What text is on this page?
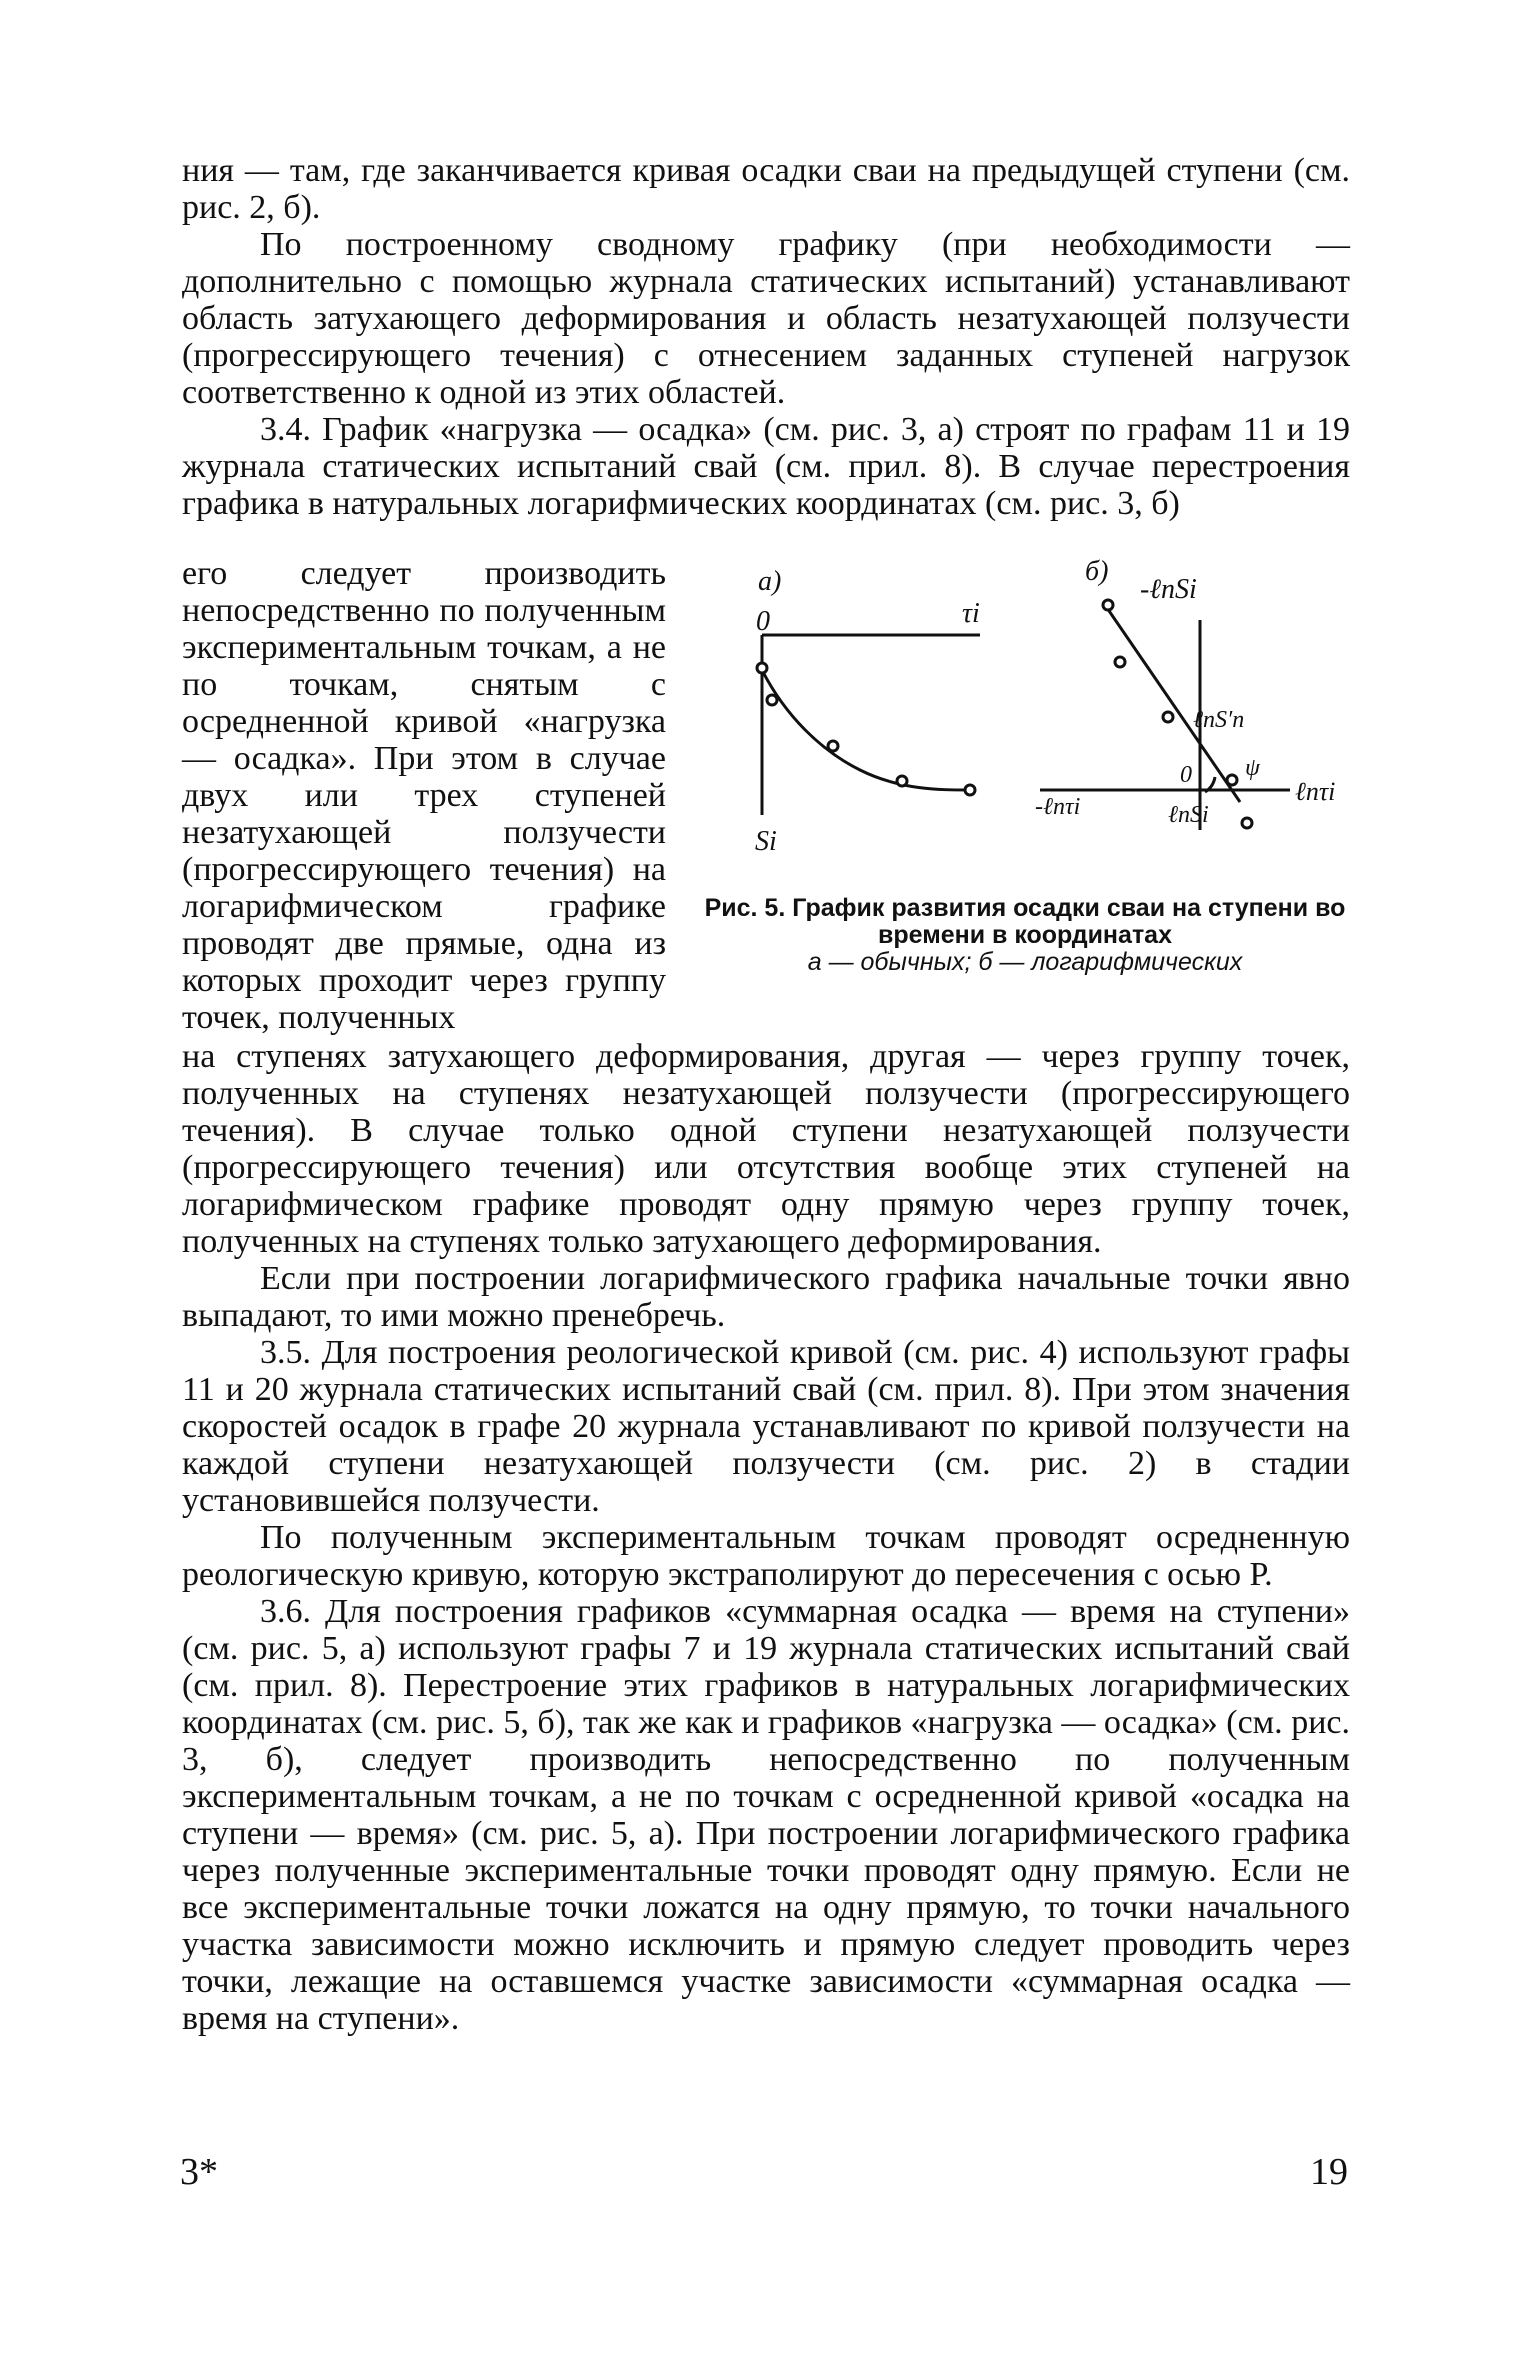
ния — там, где заканчивается кривая осадки сваи на предыдущей ступени (см. рис. 2, б).

По построенному сводному графику (при необходимости — дополнительно с помощью журнала статических испытаний) устанавливают область затухающего деформирования и область незатухающей ползучести (прогрессирующего течения) с отнесением заданных ступеней нагрузок соответственно к одной из этих областей.

3.4. График «нагрузка — осадка» (см. рис. 3, а) строят по графам 11 и 19 журнала статических испытаний свай (см. прил. 8). В случае перестроения графика в натуральных логарифмических координатах (см. рис. 3, б)

его следует производить непосредственно по полученным экспериментальным точкам, а не по точкам, снятым с осредненной кривой «нагрузка — осадка». При этом в случае двух или трех ступеней незатухающей ползучести (прогрессирующего течения) на логарифмическом графике проводят две прямые, одна из которых проходит через группу точек, полученных

а)	б)
0	τi
Si
-ℓnSi
ℓnS′п
0
-ℓnτi	ℓnSi
ℓnτi
ψ
Рис. 5. График развития осадки сваи на ступени во времени в координатах
а — обычных; б — логарифмических

на ступенях затухающего деформирования, другая — через группу точек, полученных на ступенях незатухающей ползучести (прогрессирующего течения). В случае только одной ступени незатухающей ползучести (прогрессирующего течения) или отсутствия вообще этих ступеней на логарифмическом графике проводят одну прямую через группу точек, полученных на ступенях только затухающего деформирования.

Если при построении логарифмического графика начальные точки явно выпадают, то ими можно пренебречь.

3.5. Для построения реологической кривой (см. рис. 4) используют графы 11 и 20 журнала статических испытаний свай (см. прил. 8). При этом значения скоростей осадок в графе 20 журнала устанавливают по кривой ползучести на каждой ступени незатухающей ползучести (см. рис. 2) в стадии установившейся ползучести.

По полученным экспериментальным точкам проводят осредненную реологическую кривую, которую экстраполируют до пересечения с осью Р.

3.6. Для построения графиков «суммарная осадка — время на ступени» (см. рис. 5, а) используют графы 7 и 19 журнала статических испытаний свай (см. прил. 8). Перестроение этих графиков в натуральных логарифмических координатах (см. рис. 5, б), так же как и графиков «нагрузка — осадка» (см. рис. 3, б), следует производить непосредственно по полученным экспериментальным точкам, а не по точкам с осредненной кривой «осадка на ступени — время» (см. рис. 5, а). При построении логарифмического графика через полученные экспериментальные точки проводят одну прямую. Если не все экспериментальные точки ложатся на одну прямую, то точки начального участка зависимости можно исключить и прямую следует проводить через точки, лежащие на оставшемся участке зависимости «суммарная осадка — время на ступени».

3*	19
